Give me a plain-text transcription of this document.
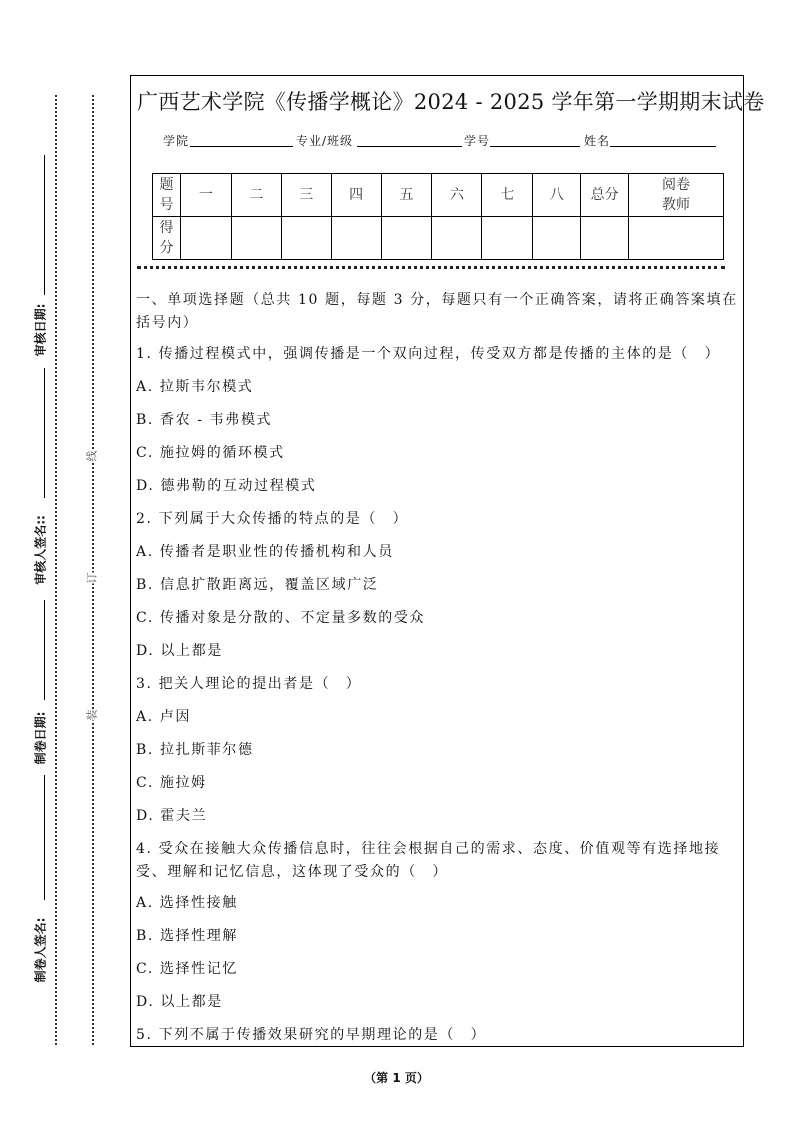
审核日期:
审核人签名::
制卷日期:
制卷人签名:
线
订
装
广西艺术学院《传播学概论》2024 - 2025 学年第一学期期末试卷
学院	专业/班级	学号	姓名
题
号	一	二	三	四	五	六	七	八	总分	阅卷
教师
得
分										
一、单项选择题（总共 10 题，每题 3 分，每题只有一个正确答案，请将正确答案填在括号内）
1. 传播过程模式中，强调传播是一个双向过程，传受双方都是传播的主体的是（　）
A. 拉斯韦尔模式
B. 香农 - 韦弗模式
C. 施拉姆的循环模式
D. 德弗勒的互动过程模式
2. 下列属于大众传播的特点的是（　）
A. 传播者是职业性的传播机构和人员
B. 信息扩散距离远，覆盖区域广泛
C. 传播对象是分散的、不定量多数的受众
D. 以上都是
3. 把关人理论的提出者是（　）
A. 卢因
B. 拉扎斯菲尔德
C. 施拉姆
D. 霍夫兰
4. 受众在接触大众传播信息时，往往会根据自己的需求、态度、价值观等有选择地接受、理解和记忆信息，这体现了受众的（　）
A. 选择性接触
B. 选择性理解
C. 选择性记忆
D. 以上都是
5. 下列不属于传播效果研究的早期理论的是（　）
（第 1 页）
